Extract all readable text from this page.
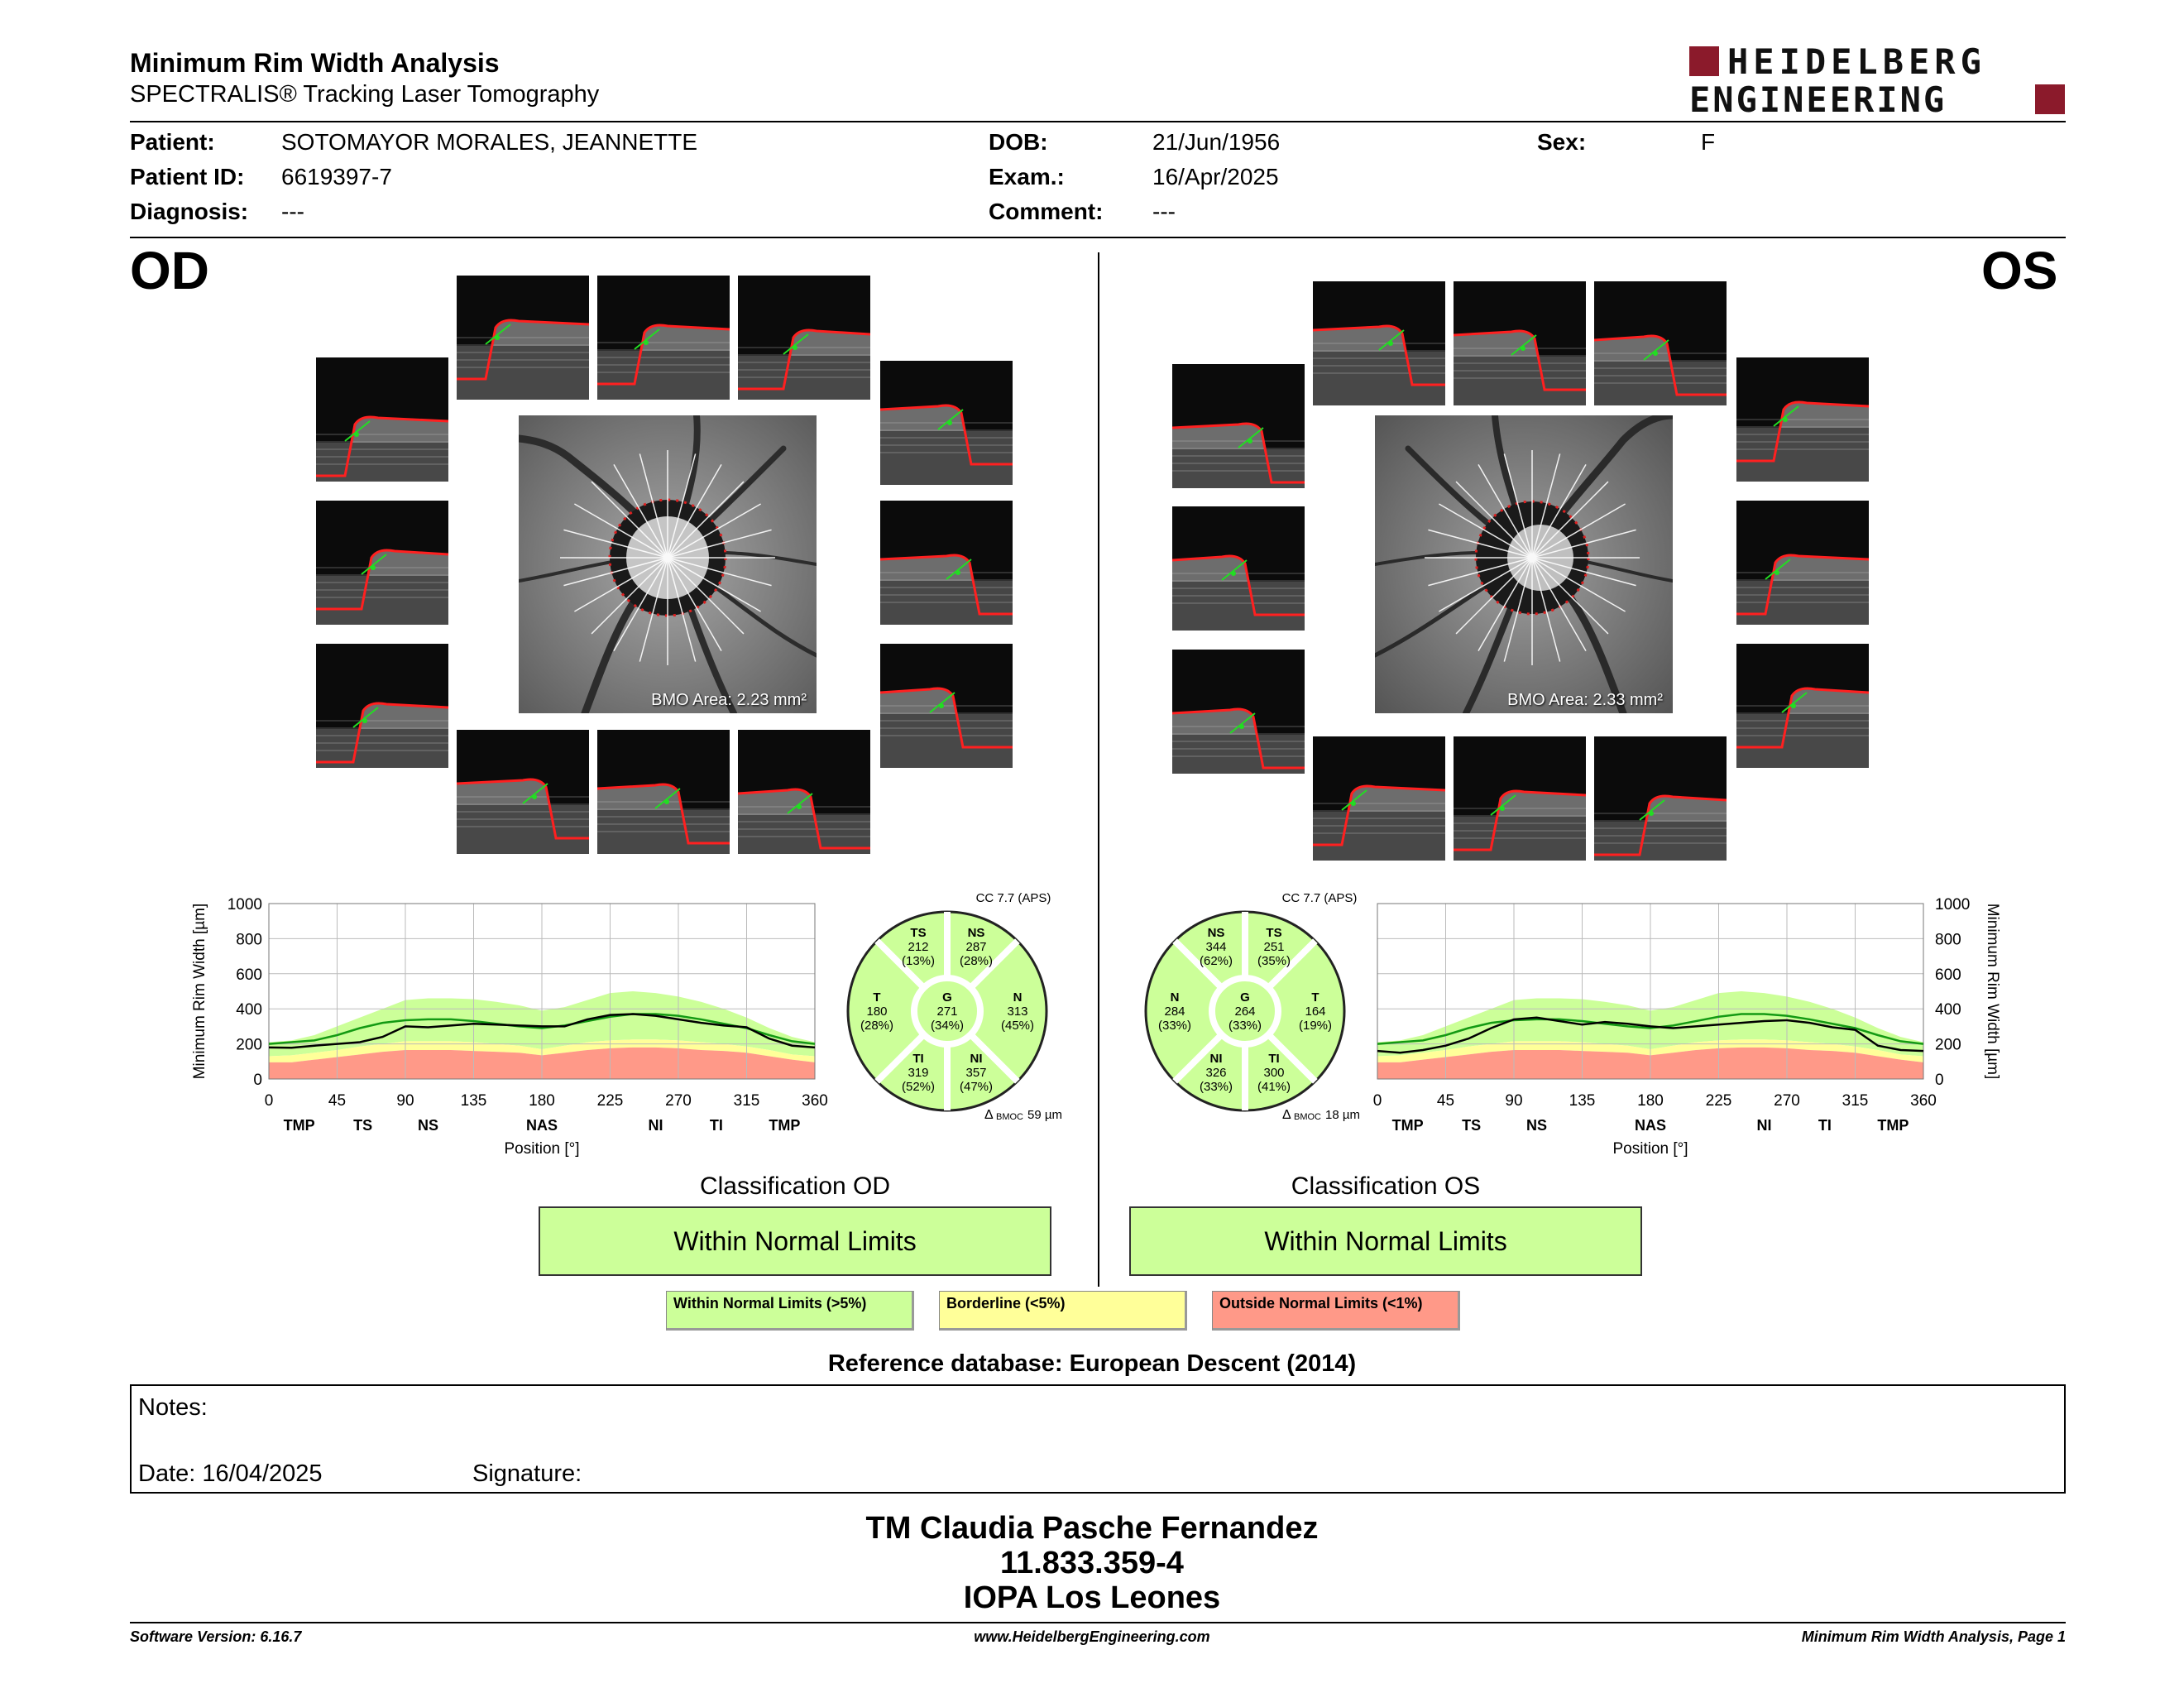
Minimum Rim Width Analysis
SPECTRALIS® Tracking Laser Tomography
HEIDELBERG
ENGINEERING
Patient:	SOTOMAYOR MORALES, JEANNETTE
Patient ID: 6619397-7
Diagnosis: ---
DOB:	21/Jun/1956
Exam.:	16/Apr/2025
Comment: ---
Sex:	F
OD	OS
BMO Area: 2.23 mm²	BMO Area: 2.33 mm²
0	45	90	135	180	225	270	315	360
0
200
400
600
800
1000
TMP	TS	NS	NAS	NI	TI	TMP
Position [°]
Minimum Rim Width [µm]
0	45	90	135	180	225	270	315	360
0
200
400
600
800
1000
TMP	TS	NS	NAS	NI	TI	TMP
Position [°]
Minimum Rim Width [µm]
CC 7.7 (APS)
TS
212
(13%)
NS
287
(28%)
T
180
(28%)
G
271
(34%)
N
313
(45%)
TI
319
(52%)
NI
357
(47%)
Δ BMOC 59 µm
CC 7.7 (APS)
NS
344
(62%)
TS
251
(35%)
N
284
(33%)
G
264
(33%)
T
164
(19%)
NI
326
(33%)
TI
300
(41%)
Δ BMOC 18 µm
Classification OD
Within Normal Limits
Classification OS
Within Normal Limits
Within Normal Limits (>5%)	Borderline (<5%)	Outside Normal Limits (<1%)
Reference database: European Descent (2014)
Notes:
Date: 16/04/2025	Signature:
TM Claudia Pasche Fernandez
11.833.359-4
IOPA Los Leones
Software Version: 6.16.7	www.HeidelbergEngineering.com	Minimum Rim Width Analysis, Page 1
